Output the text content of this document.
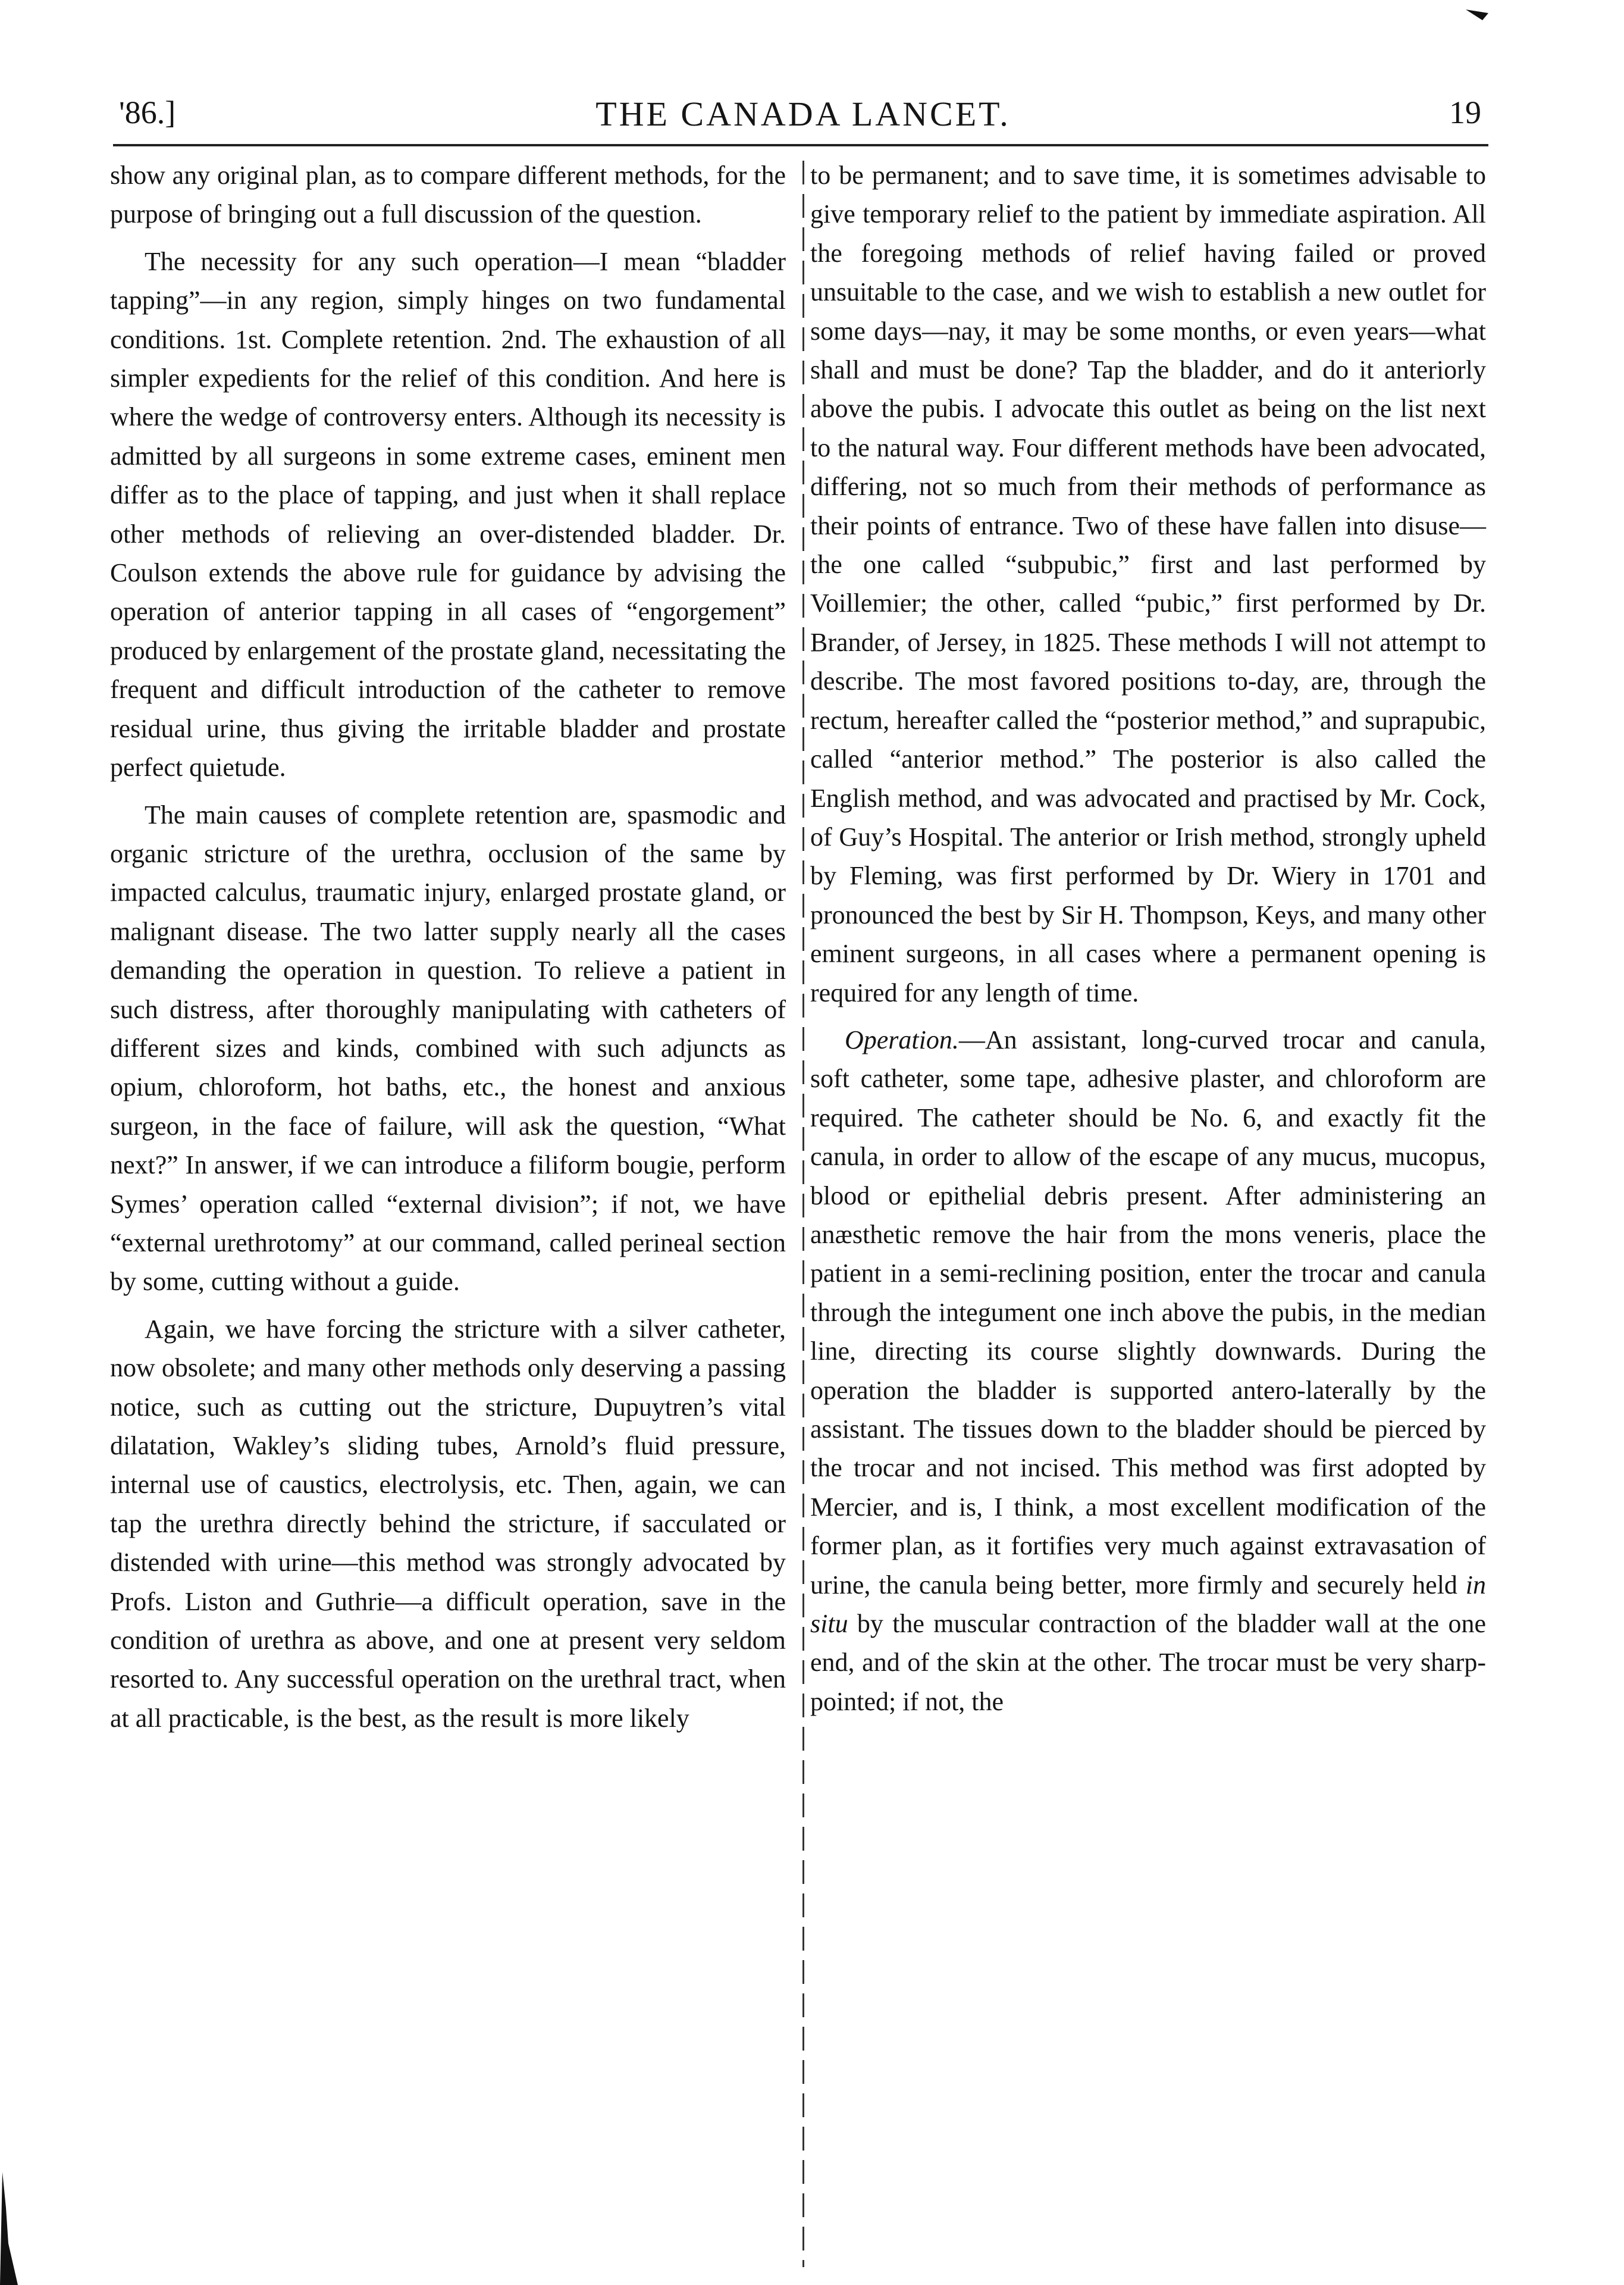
'86.]	THE CANADA LANCET.	19

show any original plan, as to compare different methods, for the purpose of bringing out a full discussion of the question.

The necessity for any such operation—I mean “bladder tapping”—in any region, simply hinges on two fundamental conditions. 1st. Complete retention. 2nd. The exhaustion of all simpler expedients for the relief of this condition. And here is where the wedge of controversy enters. Although its necessity is admitted by all surgeons in some extreme cases, eminent men differ as to the place of tapping, and just when it shall replace other methods of relieving an over-distended bladder. Dr. Coulson extends the above rule for guidance by advising the operation of anterior tapping in all cases of “engorgement” produced by enlargement of the prostate gland, necessitating the frequent and difficult introduction of the catheter to remove residual urine, thus giving the irritable bladder and prostate perfect quietude.

The main causes of complete retention are, spasmodic and organic stricture of the urethra, occlusion of the same by impacted calculus, traumatic injury, enlarged prostate gland, or malignant disease. The two latter supply nearly all the cases demanding the operation in question. To relieve a patient in such distress, after thoroughly manipulating with catheters of different sizes and kinds, combined with such adjuncts as opium, chloroform, hot baths, etc., the honest and anxious surgeon, in the face of failure, will ask the question, “What next?” In answer, if we can introduce a filiform bougie, perform Symes’ operation called “external division”; if not, we have “external urethrotomy” at our command, called perineal section by some, cutting without a guide.

Again, we have forcing the stricture with a silver catheter, now obsolete; and many other methods only deserving a passing notice, such as cutting out the stricture, Dupuytren’s vital dilatation, Wakley’s sliding tubes, Arnold’s fluid pressure, internal use of caustics, electrolysis, etc. Then, again, we can tap the urethra directly behind the stricture, if sacculated or distended with urine—this method was strongly advocated by Profs. Liston and Guthrie—a difficult operation, save in the condition of urethra as above, and one at present very seldom resorted to. Any successful operation on the urethral tract, when at all practicable, is the best, as the result is more likely

to be permanent; and to save time, it is sometimes advisable to give temporary relief to the patient by immediate aspiration. All the foregoing methods of relief having failed or proved unsuitable to the case, and we wish to establish a new outlet for some days—nay, it may be some months, or even years—what shall and must be done? Tap the bladder, and do it anteriorly above the pubis. I advocate this outlet as being on the list next to the natural way. Four different methods have been advocated, differing, not so much from their methods of performance as their points of entrance. Two of these have fallen into disuse—the one called “subpubic,” first and last performed by Voillemier; the other, called “pubic,” first performed by Dr. Brander, of Jersey, in 1825. These methods I will not attempt to describe. The most favored positions to-day, are, through the rectum, hereafter called the “posterior method,” and suprapubic, called “anterior method.” The posterior is also called the English method, and was advocated and practised by Mr. Cock, of Guy’s Hospital. The anterior or Irish method, strongly upheld by Fleming, was first performed by Dr. Wiery in 1701 and pronounced the best by Sir H. Thompson, Keys, and many other eminent surgeons, in all cases where a permanent opening is required for any length of time.

Operation.—An assistant, long-curved trocar and canula, soft catheter, some tape, adhesive plaster, and chloroform are required. The catheter should be No. 6, and exactly fit the canula, in order to allow of the escape of any mucus, mucopus, blood or epithelial debris present. After administering an anæsthetic remove the hair from the mons veneris, place the patient in a semi-reclining position, enter the trocar and canula through the integument one inch above the pubis, in the median line, directing its course slightly downwards. During the operation the bladder is supported antero-laterally by the assistant. The tissues down to the bladder should be pierced by the trocar and not incised. This method was first adopted by Mercier, and is, I think, a most excellent modification of the former plan, as it fortifies very much against extravasation of urine, the canula being better, more firmly and securely held in situ by the muscular contraction of the bladder wall at the one end, and of the skin at the other. The trocar must be very sharp-pointed; if not, the
